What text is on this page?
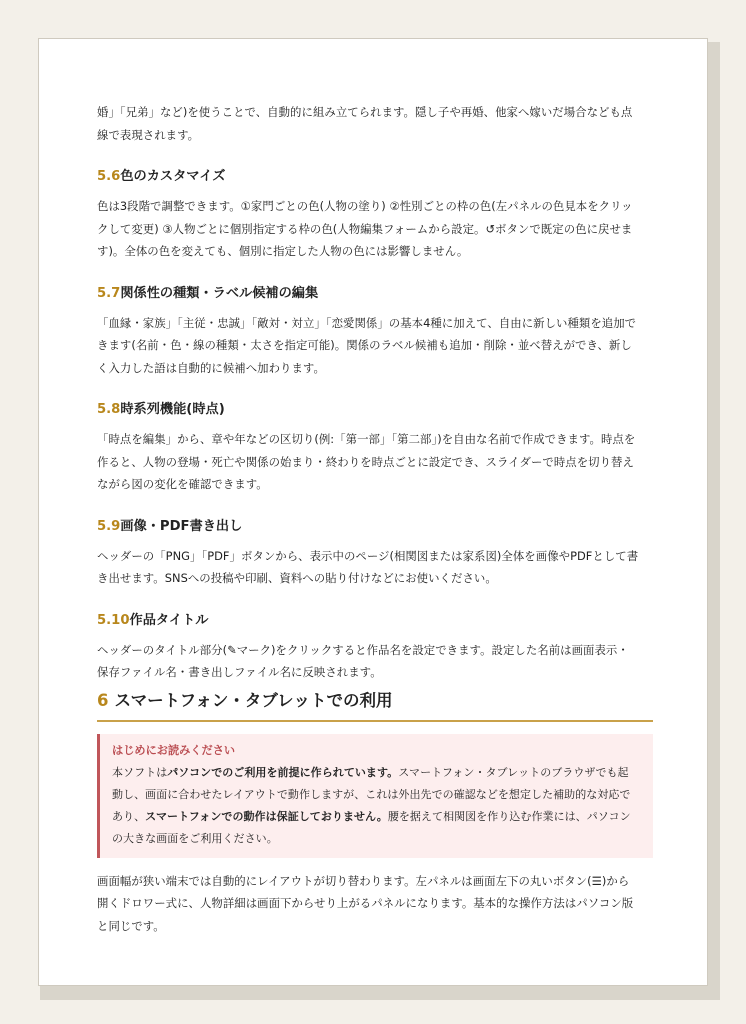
婚」「兄弟」など)を使うことで、自動的に組み立てられます。隠し子や再婚、他家へ嫁いだ場合なども点
線で表現されます。

5.6色のカスタマイズ

色は3段階で調整できます。①家門ごとの色(人物の塗り) ②性別ごとの枠の色(左パネルの色見本をクリッ
クして変更) ③人物ごとに個別指定する枠の色(人物編集フォームから設定。↺ボタンで既定の色に戻せま
す)。全体の色を変えても、個別に指定した人物の色には影響しません。

5.7関係性の種類・ラベル候補の編集

「血縁・家族」「主従・忠誠」「敵対・対立」「恋愛関係」の基本4種に加えて、自由に新しい種類を追加で
きます(名前・色・線の種類・太さを指定可能)。関係のラベル候補も追加・削除・並べ替えができ、新し
く入力した語は自動的に候補へ加わります。

5.8時系列機能(時点)

「時点を編集」から、章や年などの区切り(例:「第一部」「第二部」)を自由な名前で作成できます。時点を
作ると、人物の登場・死亡や関係の始まり・終わりを時点ごとに設定でき、スライダーで時点を切り替え
ながら図の変化を確認できます。

5.9画像・PDF書き出し

ヘッダーの「PNG」「PDF」ボタンから、表示中のページ(相関図または家系図)全体を画像やPDFとして書
き出せます。SNSへの投稿や印刷、資料への貼り付けなどにお使いください。

5.10作品タイトル

ヘッダーのタイトル部分(✎マーク)をクリックすると作品名を設定できます。設定した名前は画面表示・
保存ファイル名・書き出しファイル名に反映されます。

6 スマートフォン・タブレットでの利用
はじめにお読みください

本ソフトはパソコンでのご利用を前提に作られています。スマートフォン・タブレットのブラウザでも起
動し、画面に合わせたレイアウトで動作しますが、これは外出先での確認などを想定した補助的な対応で
あり、スマートフォンでの動作は保証しておりません。腰を据えて相関図を作り込む作業には、パソコン
の大きな画面をご利用ください。

画面幅が狭い端末では自動的にレイアウトが切り替わります。左パネルは画面左下の丸いボタン(☰)から
開くドロワー式に、人物詳細は画面下からせり上がるパネルになります。基本的な操作方法はパソコン版
と同じです。
